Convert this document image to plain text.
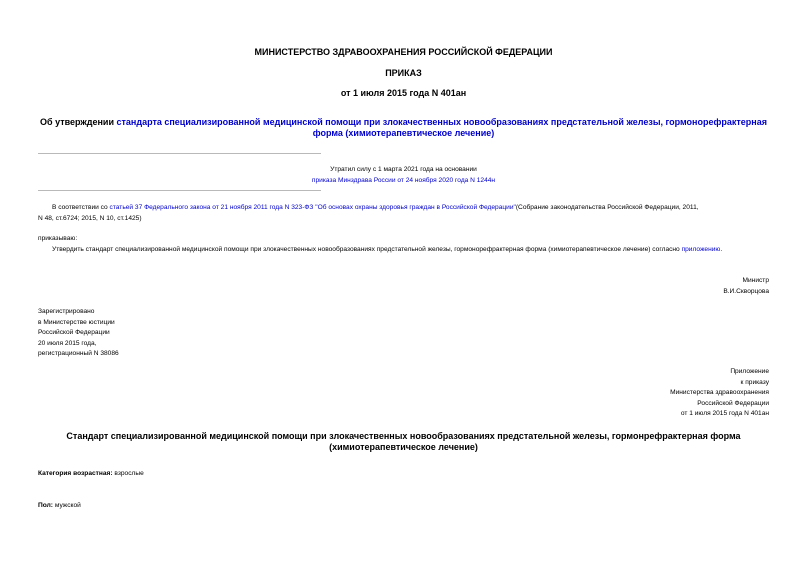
МИНИСТЕРСТВО ЗДРАВООХРАНЕНИЯ РОССИЙСКОЙ ФЕДЕРАЦИИ
ПРИКАЗ
от 1 июля 2015 года N 401ан
Об утверждении стандарта специализированной медицинской помощи при злокачественных новообразованиях предстательной железы, гормонорефрактерная
форма (химиотерапевтическое лечение)
Утратил силу с 1 марта 2021 года на основании
приказа Минздрава России от 24 ноября 2020 года N 1244н
В соответствии со статьей 37 Федерального закона от 21 ноября 2011 года N 323-ФЗ "Об основах охраны здоровья граждан в Российской Федерации"(Собрание законодательства Российской Федерации, 2011,
N 48, ст.6724; 2015, N 10, ст.1425)
приказываю:
Утвердить стандарт специализированной медицинской помощи при злокачественных новообразованиях предстательной железы, гормонорефрактерная форма (химиотерапевтическое лечение) согласно приложению.
Министр
В.И.Скворцова
Зарегистрировано
в Министерстве юстиции
Российской Федерации
20 июля 2015 года,
регистрационный N 38086
Приложение
к приказу
Министерства здравоохранения
Российской Федерации
от 1 июля 2015 года N 401ан
Стандарт специализированной медицинской помощи при злокачественных новообразованиях предстательной железы, гормонрефрактерная форма
(химиотерапевтическое лечение)
Категория возрастная: взрослые
Пол: мужской
